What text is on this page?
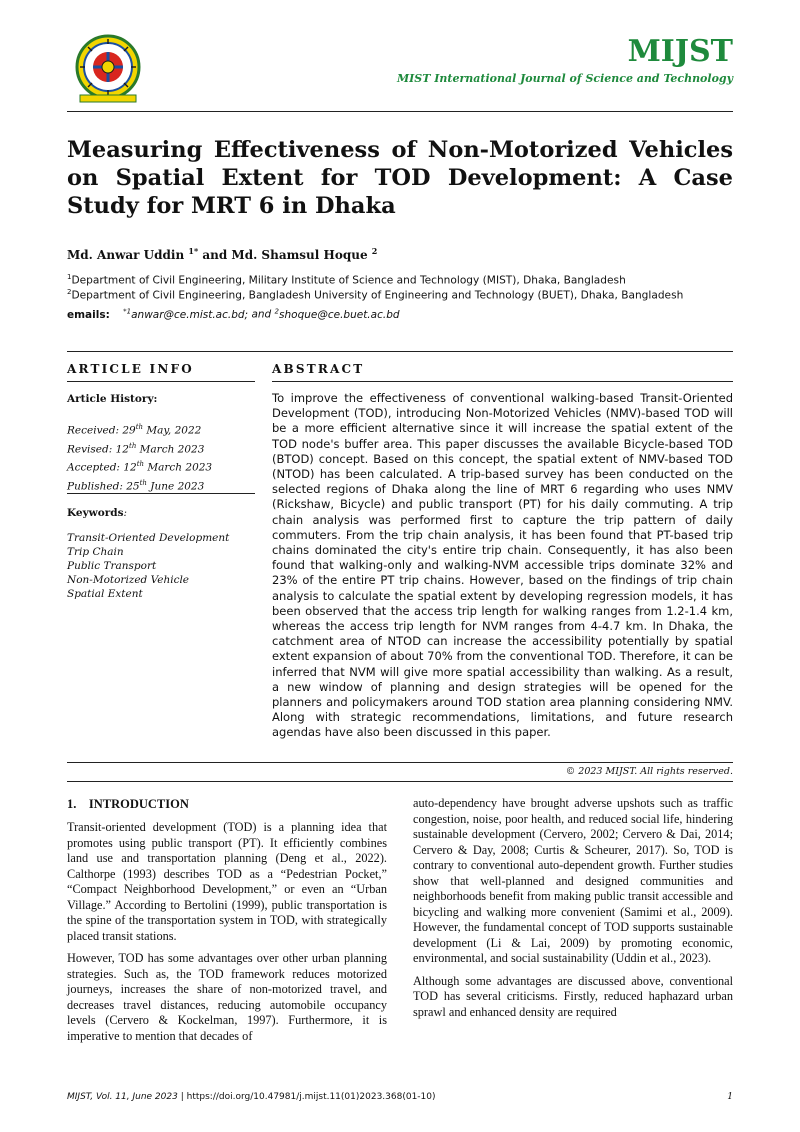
MIJST
MIST International Journal of Science and Technology
Measuring Effectiveness of Non-Motorized Vehicles on Spatial Extent for TOD Development: A Case Study for MRT 6 in Dhaka
Md. Anwar Uddin $^{1*}$ and Md. Shamsul Hoque $^2$
$^1$Department of Civil Engineering, Military Institute of Science and Technology (MIST), Dhaka, Bangladesh
$^2$Department of Civil Engineering, Bangladesh University of Engineering and Technology (BUET), Dhaka, Bangladesh
emails: $^{*1}$anwar@ce.mist.ac.bd; and $^2$shoque@ce.buet.ac.bd
ARTICLE INFO
Article History:
Received: 29th May, 2022
Revised: 12th March 2023
Accepted: 12th March 2023
Published: 25th June 2023
Keywords:
Transit-Oriented Development
Trip Chain
Public Transport
Non-Motorized Vehicle
Spatial Extent
ABSTRACT
To improve the effectiveness of conventional walking-based Transit-Oriented Development (TOD), introducing Non-Motorized Vehicles (NMV)-based TOD will be a more efficient alternative since it will increase the spatial extent of the TOD node's buffer area. This paper discusses the available Bicycle-based TOD (BTOD) concept. Based on this concept, the spatial extent of NMV-based TOD (NTOD) has been calculated. A trip-based survey has been conducted on the selected regions of Dhaka along the line of MRT 6 regarding who uses NMV (Rickshaw, Bicycle) and public transport (PT) for his daily commuting. A trip chain analysis was performed first to capture the trip pattern of daily commuters. From the trip chain analysis, it has been found that PT-based trip chains dominated the city's entire trip chain. Consequently, it has also been found that walking-only and walking-NVM accessible trips dominate 32% and 23% of the entire PT trip chains. However, based on the findings of trip chain analysis to calculate the spatial extent by developing regression models, it has been observed that the access trip length for walking ranges from 1.2-1.4 km, whereas the access trip length for NVM ranges from 4-4.7 km. In Dhaka, the catchment area of NTOD can increase the accessibility potentially by spatial extent expansion of about 70% from the conventional TOD. Therefore, it can be inferred that NVM will give more spatial accessibility than walking. As a result, a new window of planning and design strategies will be opened for the planners and policymakers around TOD station area planning considering NMV. Along with strategic recommendations, limitations, and future research agendas have also been discussed in this paper.
© 2023 MIJST. All rights reserved.
1.    INTRODUCTION

Transit-oriented development (TOD) is a planning idea that promotes using public transport (PT). It efficiently combines land use and transportation planning (Deng et al., 2022). Calthorpe (1993) describes TOD as a “Pedestrian Pocket,” “Compact Neighborhood Development,” or even an “Urban Village.” According to Bertolini (1999), public transportation is the spine of the transportation system in TOD, with strategically placed transit stations.

However, TOD has some advantages over other urban planning strategies. Such as, the TOD framework reduces motorized journeys, increases the share of non-motorized travel, and decreases travel distances, reducing automobile occupancy levels (Cervero & Kockelman, 1997). Furthermore, it is imperative to mention that decades of

auto-dependency have brought adverse upshots such as traffic congestion, noise, poor health, and reduced social life, hindering sustainable development (Cervero, 2002; Cervero & Dai, 2014; Cervero & Day, 2008; Curtis & Scheurer, 2017). So, TOD is contrary to conventional auto-dependent growth. Further studies show that well-planned and designed communities and neighborhoods benefit from making public transit accessible and bicycling and walking more convenient (Samimi et al., 2009). However, the fundamental concept of TOD supports sustainable development (Li & Lai, 2009) by promoting economic, environmental, and social sustainability (Uddin et al., 2023).

Although some advantages are discussed above, conventional TOD has several criticisms. Firstly, reduced haphazard urban sprawl and enhanced density are required

MIJST, Vol. 11, June 2023 | https://doi.org/10.47981/j.mijst.11(01)2023.368(01-10)	1
